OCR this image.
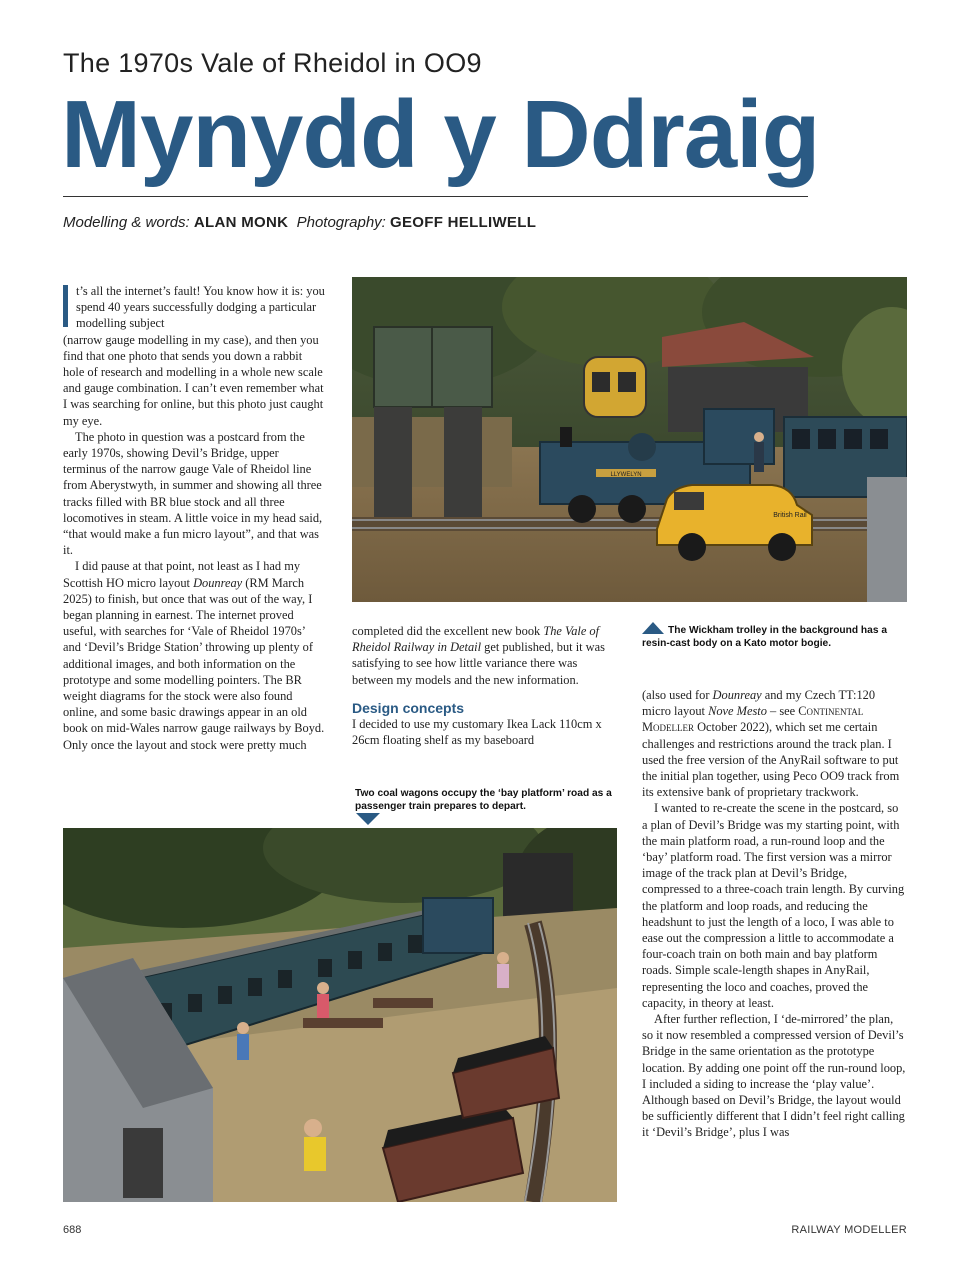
The 1970s Vale of Rheidol in OO9
Mynydd y Ddraig
Modelling & words: ALAN MONK Photography: GEOFF HELLIWELL

t’s all the internet’s fault! You know how it is: you spend 40 years successfully dodging a particular modelling subject

(narrow gauge modelling in my case), and then you find that one photo that sends you down a rabbit hole of research and modelling in a whole new scale and gauge combination. I can’t even remember what I was searching for online, but this photo just caught my eye.

The photo in question was a postcard from the early 1970s, showing Devil’s Bridge, upper terminus of the narrow gauge Vale of Rheidol line from Aberystwyth, in summer and showing all three tracks filled with BR blue stock and all three locomotives in steam. A little voice in my head said, “that would make a fun micro layout”, and that was it.

I did pause at that point, not least as I had my Scottish HO micro layout Dounreay (RM March 2025) to finish, but once that was out of the way, I began planning in earnest. The internet proved useful, with searches for ‘Vale of Rheidol 1970s’ and ‘Devil’s Bridge Station’ throwing up plenty of additional images, and both information on the prototype and some modelling pointers. The BR weight diagrams for the stock were also found online, and some basic drawings appear in an old book on mid-Wales narrow gauge railways by Boyd. Only once the layout and stock were pretty much

LLYWELYN
British Rail
The Wickham trolley in the background has a resin-cast body on a Kato motor bogie.

completed did the excellent new book The Vale of Rheidol Railway in Detail get published, but it was satisfying to see how little variance there was between my models and the new information.

Design concepts

I decided to use my customary Ikea Lack 110cm x 26cm floating shelf as my baseboard

Two coal wagons occupy the ‘bay platform’ road as a passenger train prepares to depart.

(also used for Dounreay and my Czech TT:120 micro layout Nove Mesto – see Continental Modeller October 2022), which set me certain challenges and restrictions around the track plan. I used the free version of the AnyRail software to put the initial plan together, using Peco OO9 track from its extensive bank of proprietary trackwork.

I wanted to re-create the scene in the postcard, so a plan of Devil’s Bridge was my starting point, with the main platform road, a run-round loop and the ‘bay’ platform road. The first version was a mirror image of the track plan at Devil’s Bridge, compressed to a three-coach train length. By curving the platform and loop roads, and reducing the headshunt to just the length of a loco, I was able to ease out the compression a little to accommodate a four-coach train on both main and bay platform roads. Simple scale-length shapes in AnyRail, representing the loco and coaches, proved the capacity, in theory at least.

After further reflection, I ‘de-mirrored’ the plan, so it now resembled a compressed version of Devil’s Bridge in the same orientation as the prototype location. By adding one point off the run-round loop, I included a siding to increase the ‘play value’. Although based on Devil’s Bridge, the layout would be sufficiently different that I didn’t feel right calling it ‘Devil’s Bridge’, plus I was

688	RAILWAY MODELLER
